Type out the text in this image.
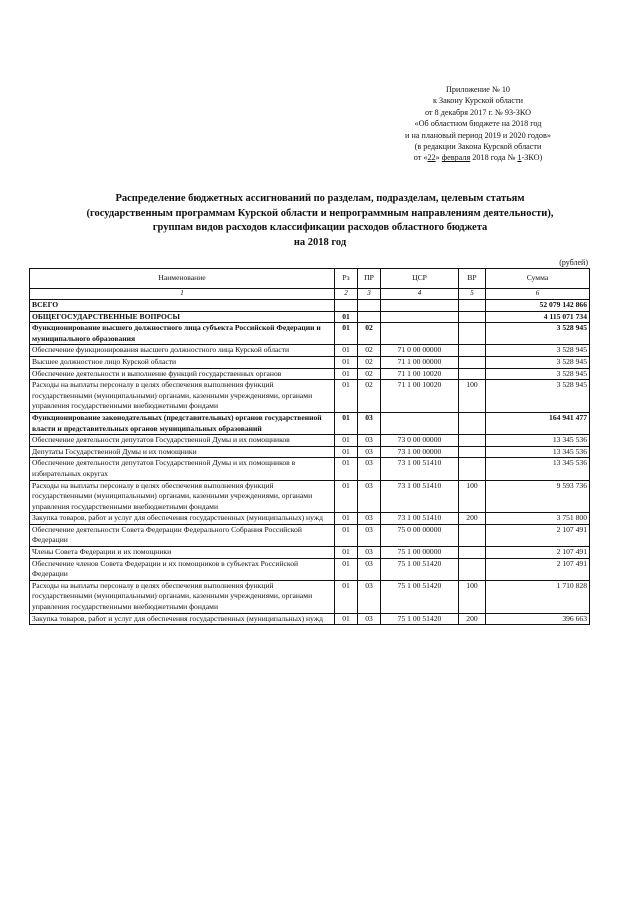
Приложение № 10
к Закону Курской области
от 8 декабря 2017 г. № 93-ЗКО
«Об областном бюджете на 2018 год
и на плановый период 2019 и 2020 годов»
(в редакции Закона Курской области
от «22» февраля 2018 года № 1-ЗКО)
Распределение бюджетных ассигнований по разделам, подразделам, целевым статьям
(государственным программам Курской области и непрограммным направлениям деятельности),
группам видов расходов классификации расходов областного бюджета
на 2018 год
(рублей)
Наименование	Рз	ПР	ЦСР	ВР	Сумма
1	2	3	4	5	6
ВСЕГО					52 079 142 866
ОБЩЕГОСУДАРСТВЕННЫЕ ВОПРОСЫ	01				4 115 071 734
Функционирование высшего должностного лица субъекта Российской Федерации и муниципального образования	01	02			3 528 945
Обеспечение функционирования высшего должностного лица Курской области	01	02	71 0 00 00000		3 528 945
Высшее должностное лицо Курской области	01	02	71 1 00 00000		3 528 945
Обеспечение деятельности и выполнение функций государственных органов	01	02	71 1 00 10020		3 528 945
Расходы на выплаты персоналу в целях обеспечения выполнения функций государственными (муниципальными) органами, казенными учреждениями, органами управления государственными внебюджетными фондами	01	02	71 1 00 10020	100	3 528 945
Функционирование законодательных (представительных) органов государственной власти и представительных органов муниципальных образований	01	03			164 941 477
Обеспечение деятельности депутатов Государственной Думы и их помощников	01	03	73 0 00 00000		13 345 536
Депутаты Государственной Думы и их помощники	01	03	73 1 00 00000		13 345 536
Обеспечение деятельности депутатов Государственной Думы и их помощников в избирательных округах	01	03	73 1 00 51410		13 345 536
Расходы на выплаты персоналу в целях обеспечения выполнения функций государственными (муниципальными) органами, казенными учреждениями, органами управления государственными внебюджетными фондами	01	03	73 1 00 51410	100	9 593 736
Закупка товаров, работ и услуг для обеспечения государственных (муниципальных) нужд	01	03	73 1 00 51410	200	3 751 800
Обеспечение деятельности Совета Федерации Федерального Собрания Российской Федерации	01	03	75 0 00 00000		2 107 491
Члены Совета Федерации и их помощники	01	03	75 1 00 00000		2 107 491
Обеспечение членов Совета Федерации и их помощников в субъектах Российской Федерации	01	03	75 1 00 51420		2 107 491
Расходы на выплаты персоналу в целях обеспечения выполнения функций государственными (муниципальными) органами, казенными учреждениями, органами управления государственными внебюджетными фондами	01	03	75 1 00 51420	100	1 710 828
Закупка товаров, работ и услуг для обеспечения государственных (муниципальных) нужд	01	03	75 1 00 51420	200	396 663
